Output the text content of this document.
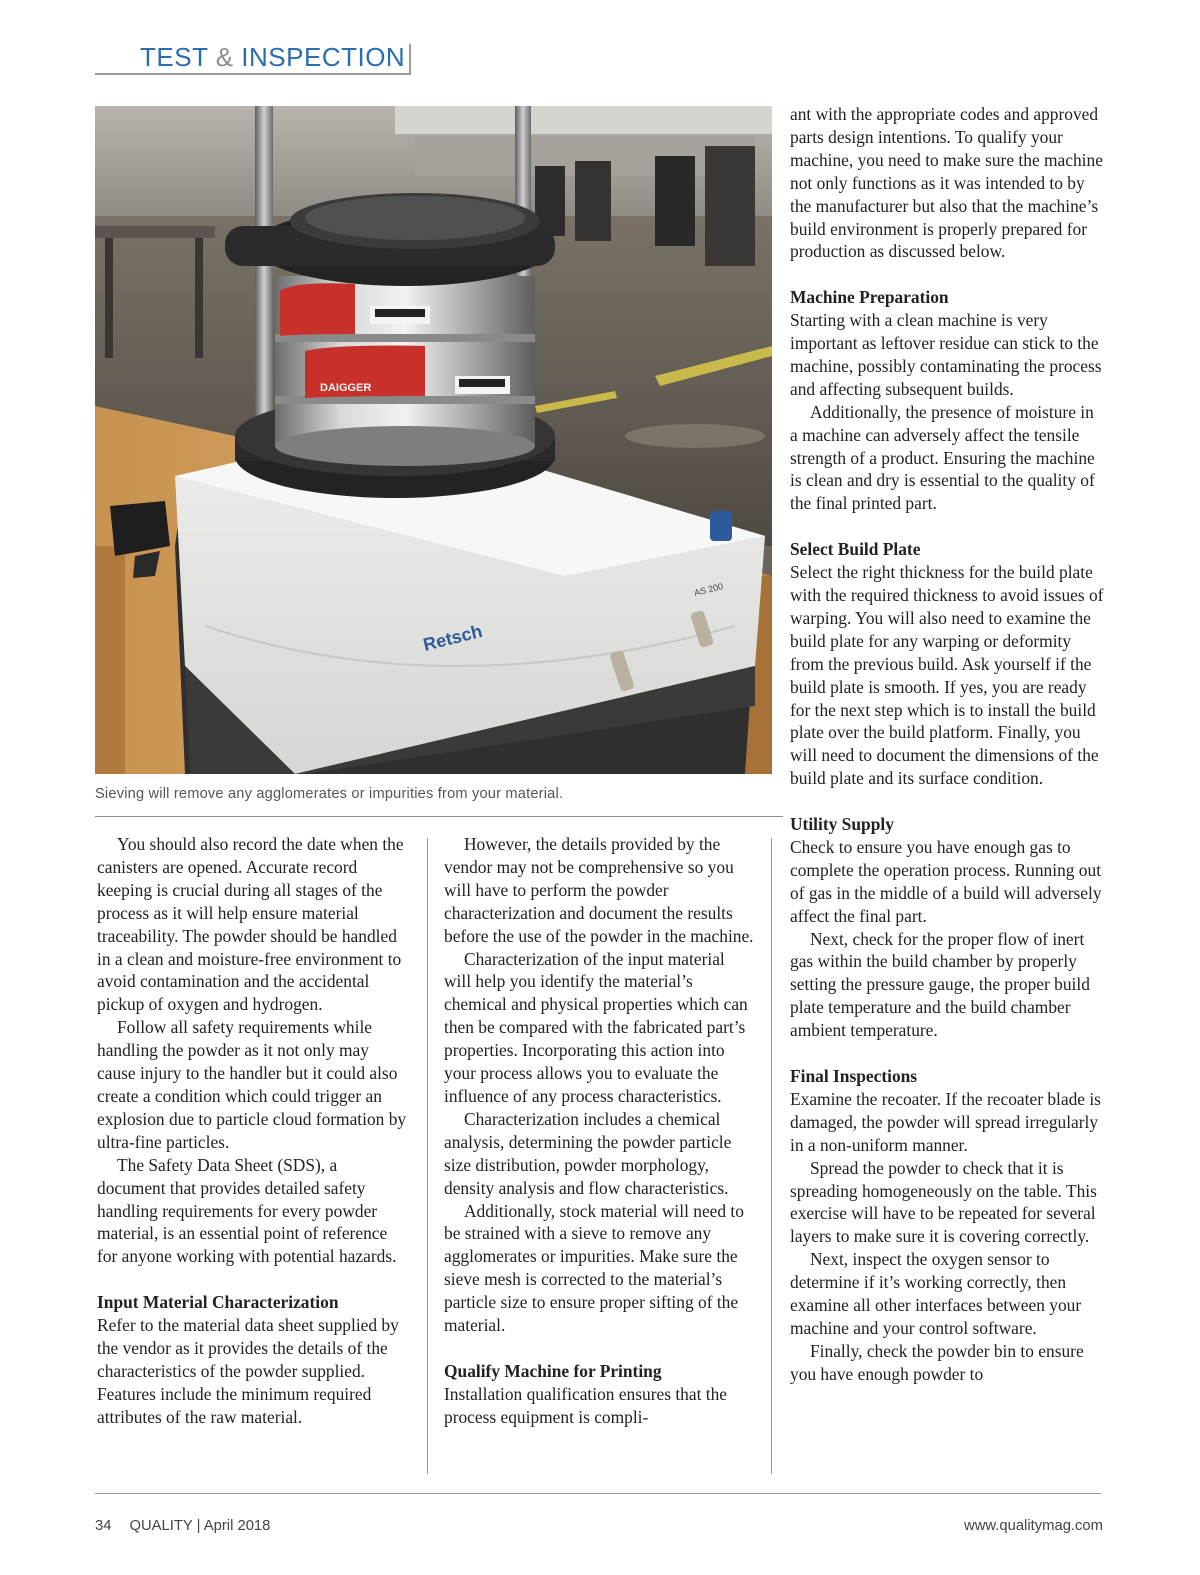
TEST & INSPECTION
Retsch
AS 200
DAIGGER
Sieving will remove any agglomerates or impurities from your material.

You should also record the date when the canisters are opened. Accurate record keeping is crucial during all stages of the process as it will help ensure material traceability. The powder should be handled in a clean and moisture-free environment to avoid contamination and the accidental pickup of oxygen and hydrogen.

Follow all safety requirements while handling the powder as it not only may cause injury to the handler but it could also create a condition which could trigger an explosion due to particle cloud formation by ultra-fine particles.

The Safety Data Sheet (SDS), a document that provides detailed safety handling requirements for every powder material, is an essential point of reference for anyone working with potential hazards.

Input Material Characterization

Refer to the material data sheet supplied by the vendor as it provides the details of the characteristics of the powder supplied. Features include the minimum required attributes of the raw material.

However, the details provided by the vendor may not be comprehensive so you will have to perform the powder characterization and document the results before the use of the powder in the machine.

Characterization of the input material will help you identify the material’s chemical and physical properties which can then be compared with the fabricated part’s properties. Incorporating this action into your process allows you to evaluate the influence of any process characteristics.

Characterization includes a chemical analysis, determining the powder particle size distribution, powder morphology, density analysis and flow characteristics.

Additionally, stock material will need to be strained with a sieve to remove any agglomerates or impurities. Make sure the sieve mesh is corrected to the material’s particle size to ensure proper sifting of the material.

Qualify Machine for Printing

Installation qualification ensures that the process equipment is compli-

ant with the appropriate codes and approved parts design intentions. To qualify your machine, you need to make sure the machine not only functions as it was intended to by the manufacturer but also that the machine’s build environment is properly prepared for production as discussed below.

Machine Preparation

Starting with a clean machine is very important as leftover residue can stick to the machine, possibly contaminating the process and affecting subsequent builds.

Additionally, the presence of moisture in a machine can adversely affect the tensile strength of a product. Ensuring the machine is clean and dry is essential to the quality of the final printed part.

Select Build Plate

Select the right thickness for the build plate with the required thickness to avoid issues of warping. You will also need to examine the build plate for any warping or deformity from the previous build. Ask yourself if the build plate is smooth. If yes, you are ready for the next step which is to install the build plate over the build platform. Finally, you will need to document the dimensions of the build plate and its surface condition.

Utility Supply

Check to ensure you have enough gas to complete the operation process. Running out of gas in the middle of a build will adversely affect the final part.

Next, check for the proper flow of inert gas within the build chamber by properly setting the pressure gauge, the proper build plate temperature and the build chamber ambient temperature.

Final Inspections

Examine the recoater. If the recoater blade is damaged, the powder will spread irregularly in a non-uniform manner.

Spread the powder to check that it is spreading homogeneously on the table. This exercise will have to be repeated for several layers to make sure it is covering correctly.

Next, inspect the oxygen sensor to determine if it’s working correctly, then examine all other interfaces between your machine and your control software.

Finally, check the powder bin to ensure you have enough powder to

34 QUALITY | April 2018	www.qualitymag.com
